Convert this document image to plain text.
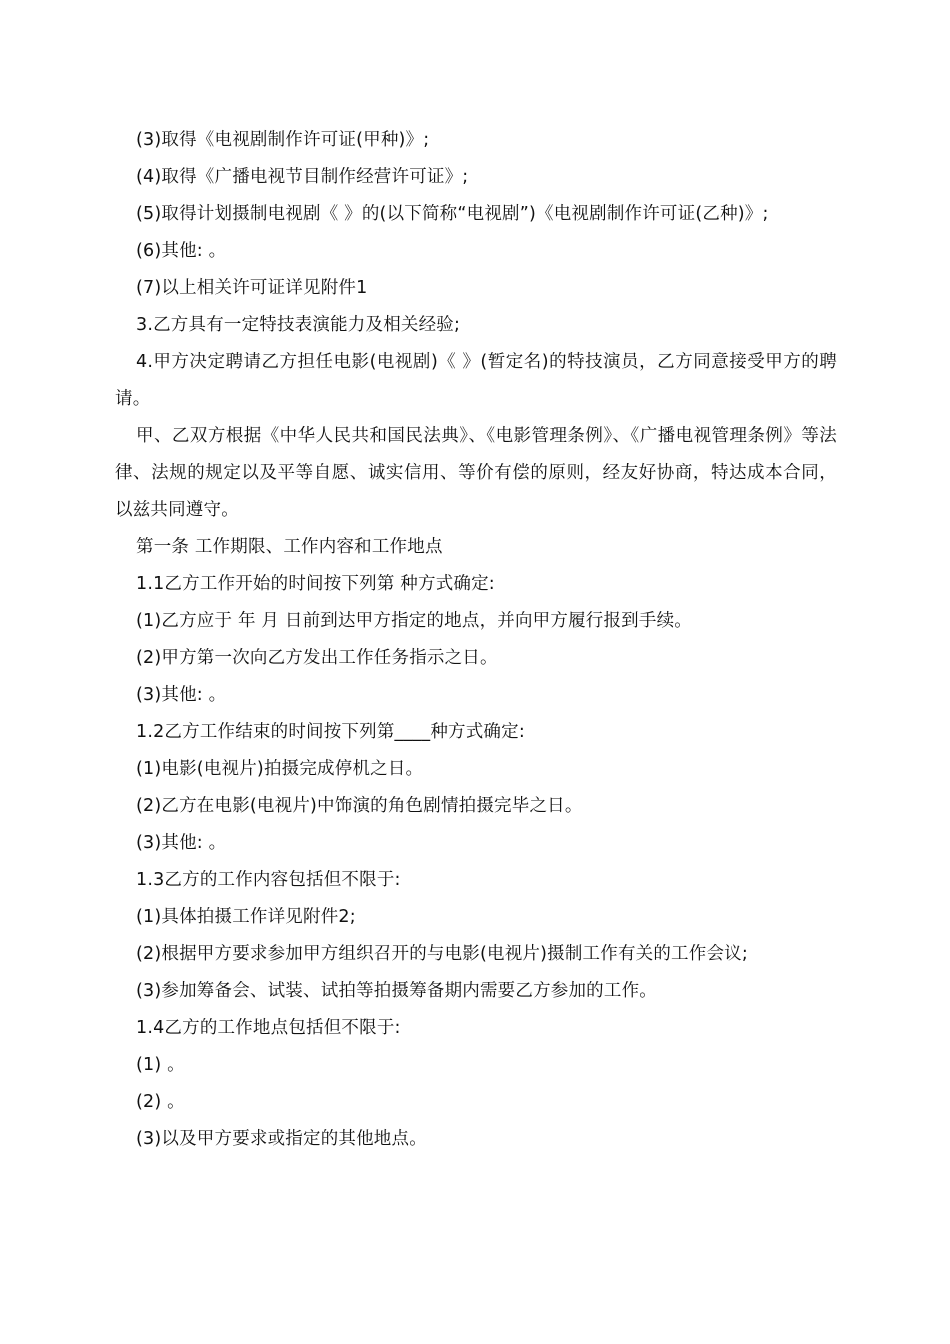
(3)取得《电视剧制作许可证(甲种)》;

(4)取得《广播电视节目制作经营许可证》;

(5)取得计划摄制电视剧《 》的(以下简称“电视剧”)《电视剧制作许可证(乙种)》;

(6)其他: 。

(7)以上相关许可证详见附件1

3.乙方具有一定特技表演能力及相关经验;

4.甲方决定聘请乙方担任电影(电视剧)《 》(暂定名)的特技演员，乙方同意接受甲方的聘请。

甲、乙双方根据《中华人民共和国民法典》、《电影管理条例》、《广播电视管理条例》等法律、法规的规定以及平等自愿、诚实信用、等价有偿的原则，经友好协商，特达成本合同，以兹共同遵守。

第一条 工作期限、工作内容和工作地点

1.1乙方工作开始的时间按下列第 种方式确定:

(1)乙方应于 年 月 日前到达甲方指定的地点，并向甲方履行报到手续。

(2)甲方第一次向乙方发出工作任务指示之日。

(3)其他: 。

1.2乙方工作结束的时间按下列第____种方式确定:

(1)电影(电视片)拍摄完成停机之日。

(2)乙方在电影(电视片)中饰演的角色剧情拍摄完毕之日。

(3)其他: 。

1.3乙方的工作内容包括但不限于:

(1)具体拍摄工作详见附件2;

(2)根据甲方要求参加甲方组织召开的与电影(电视片)摄制工作有关的工作会议;

(3)参加筹备会、试装、试拍等拍摄筹备期内需要乙方参加的工作。

1.4乙方的工作地点包括但不限于:

(1) 。

(2) 。

(3)以及甲方要求或指定的其他地点。
